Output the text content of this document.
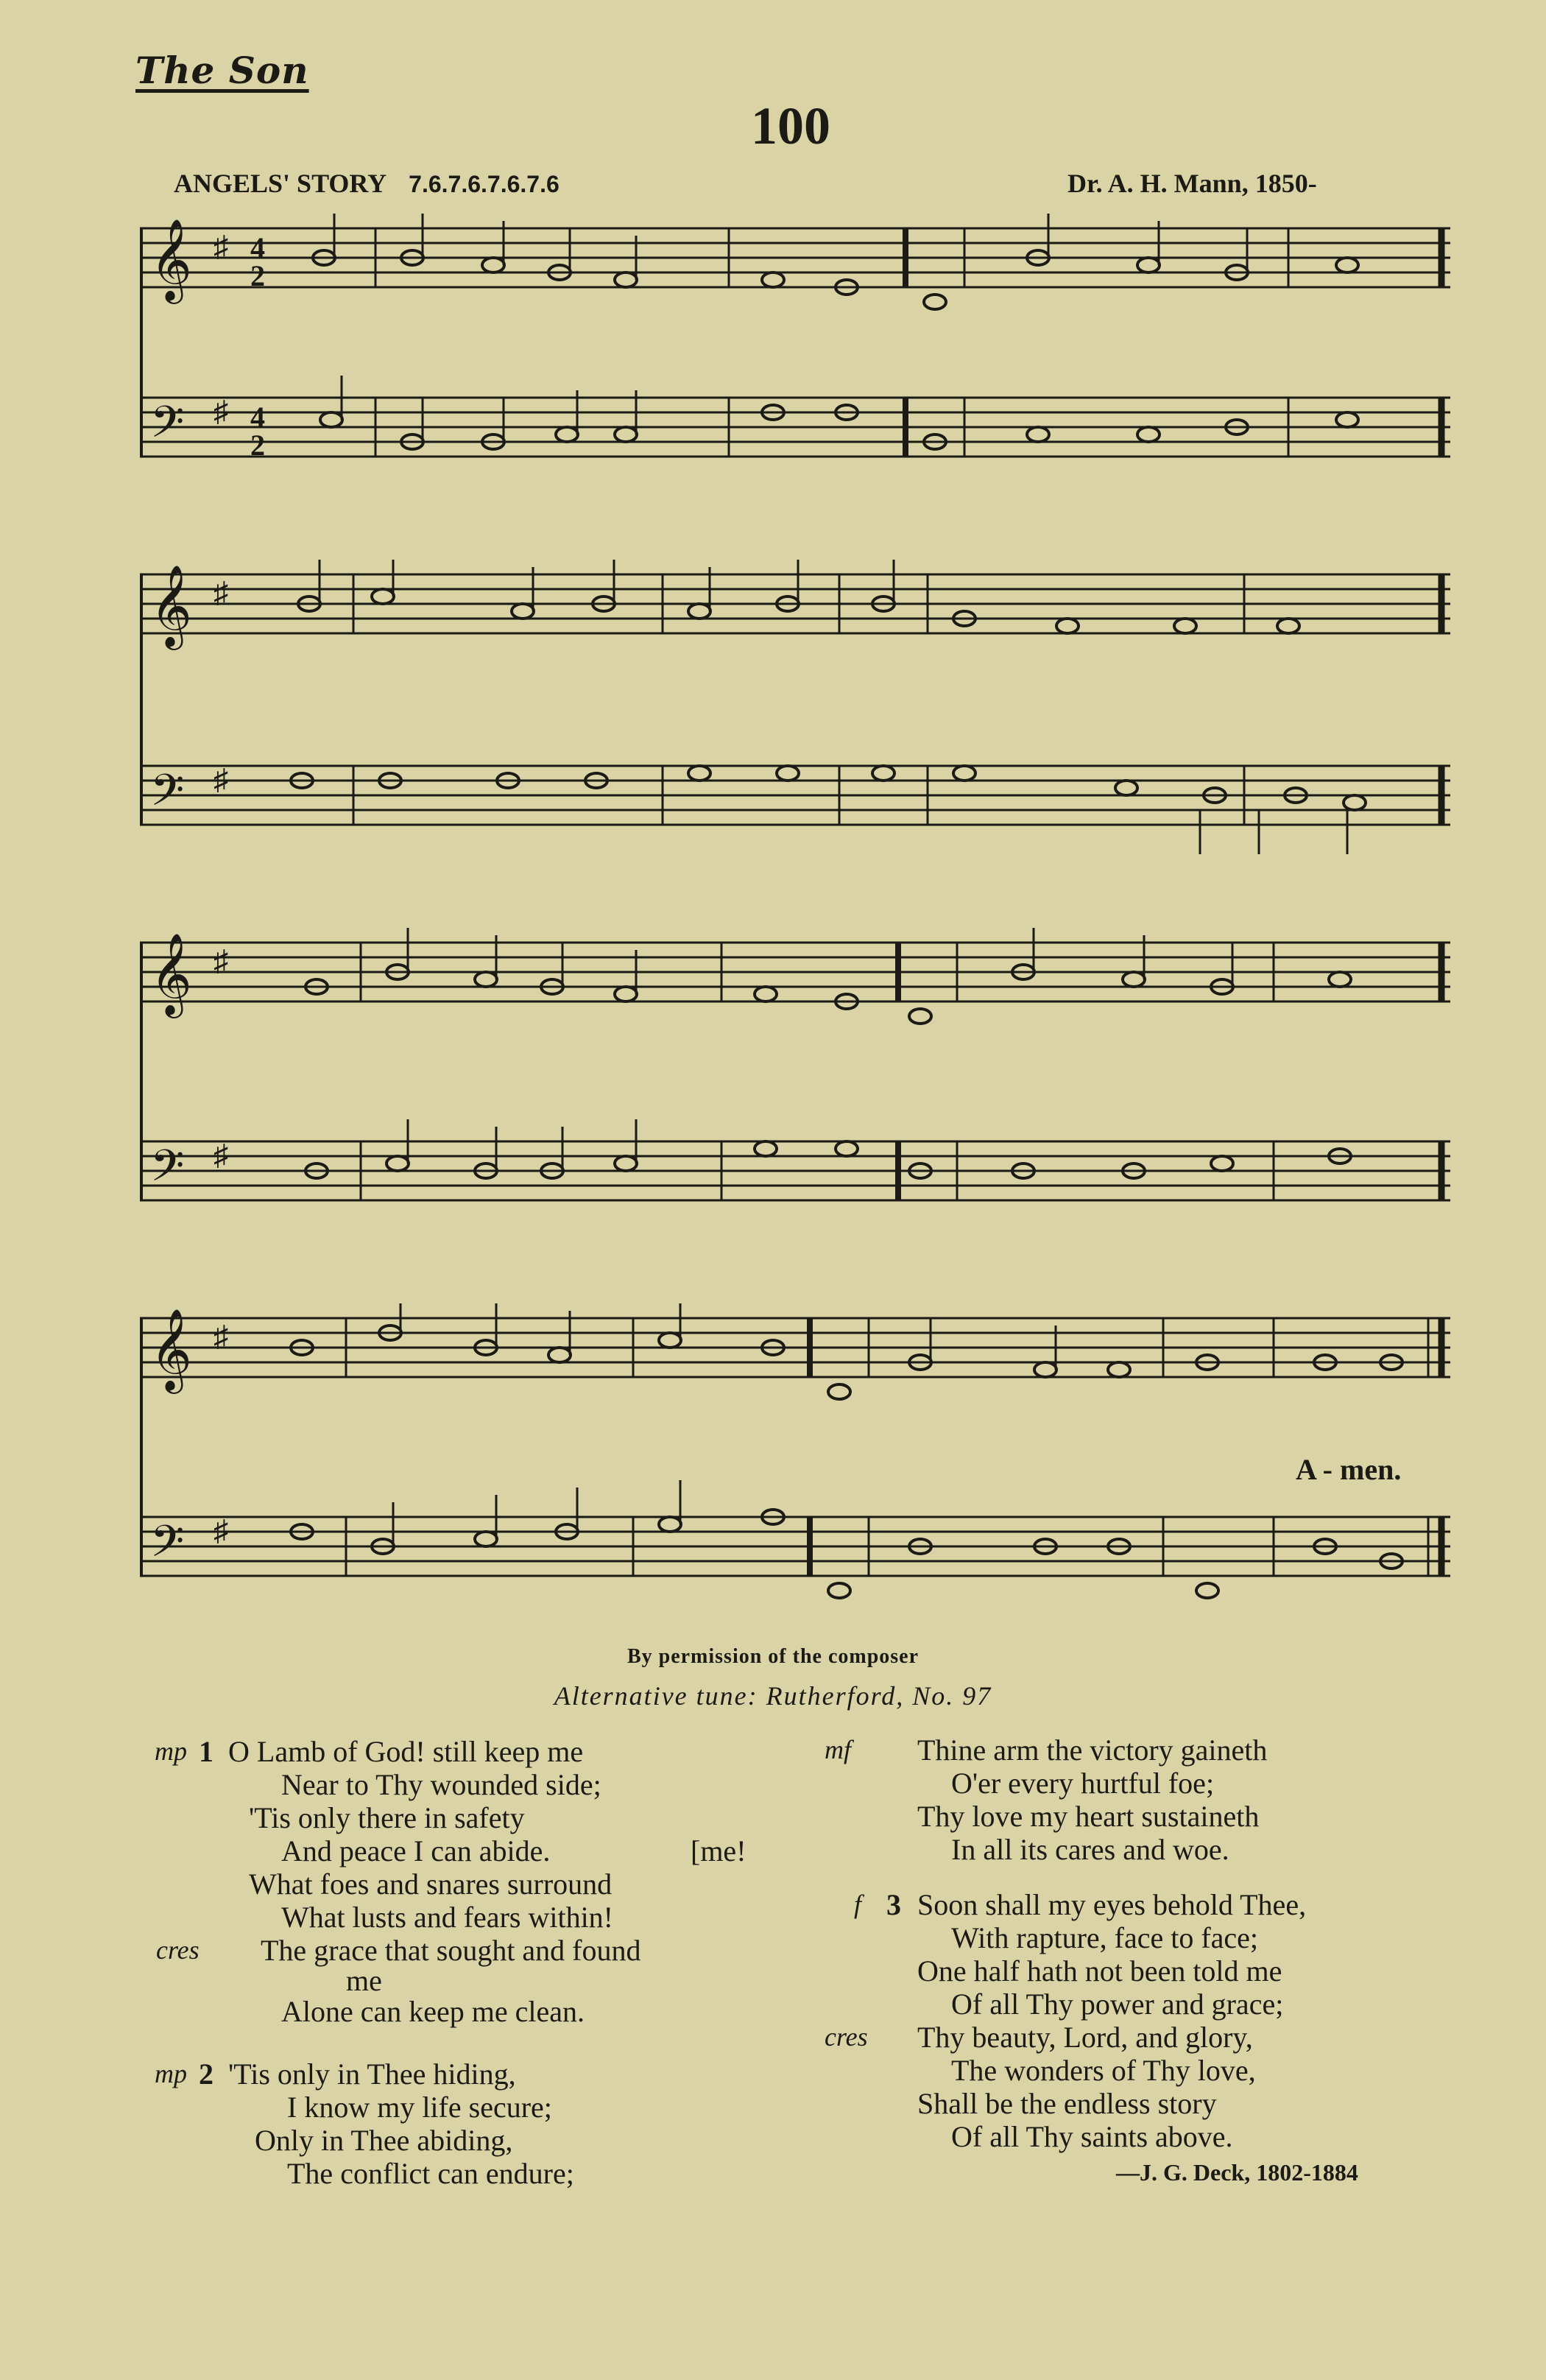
The Son
100
ANGELS' STORY 7.6.7.6.7.6.7.6	Dr. A. H. Mann, 1850-
𝄞 ♯ 4
2
𝄢 ♯ 4
2
𝄞 ♯
𝄢 ♯
𝄞 ♯
𝄢 ♯
𝄞 ♯
𝄢 ♯
A - men.
By permission of the composer
Alternative tune: Rutherford, No. 97
mp 1 O Lamb of God! still keep me
Near to Thy wounded side;
'Tis only there in safety
And peace I can abide.	[me!
What foes and snares surround
What lusts and fears within!
cres The grace that sought and found
me
Alone can keep me clean.
mp 2 'Tis only in Thee hiding,
I know my life secure;
Only in Thee abiding,
The conflict can endure;
mf Thine arm the victory gaineth
O'er every hurtful foe;
Thy love my heart sustaineth
In all its cares and woe.
f 3 Soon shall my eyes behold Thee,
With rapture, face to face;
One half hath not been told me
Of all Thy power and grace;
cres Thy beauty, Lord, and glory,
The wonders of Thy love,
Shall be the endless story
Of all Thy saints above.
—J. G. Deck, 1802-1884
